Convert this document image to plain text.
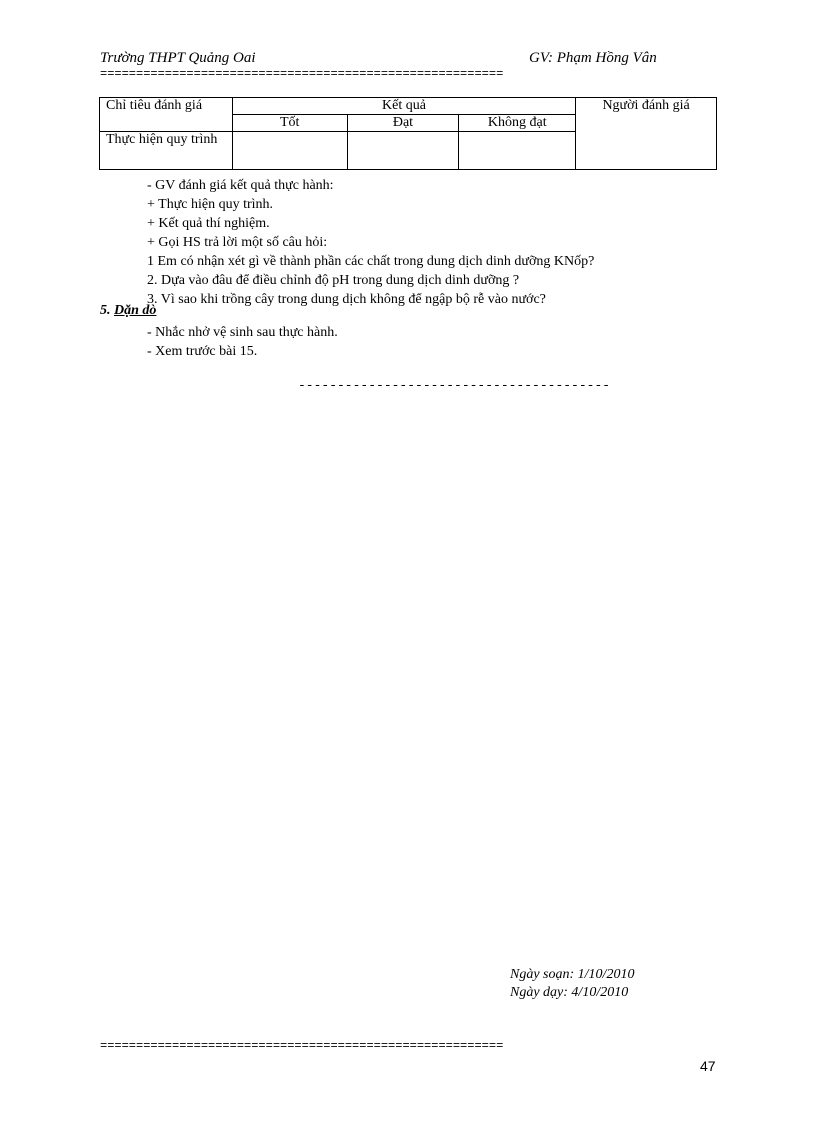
Trường THPT Quảng Oai	GV: Phạm Hồng Vân
========================================================
Chỉ tiêu đánh giá	Kết quả			Người đánh giá
	Tốt	Đạt	Không đạt	
Thực hiện quy trình				
- GV đánh giá kết quả thực hành:
+ Thực hiện quy trình.
+ Kết quả thí nghiệm.
+ Gọi HS trả lời một số câu hỏi:
1 Em có nhận xét gì về thành phần các chất trong dung dịch dinh dưỡng KNốp?
2. Dựa vào đâu để điều chỉnh độ pH trong dung dịch dinh dưỡng ?
3. Vì sao khi trồng cây trong dung dịch không để ngập bộ rễ vào nước?
5. Dặn dò
- Nhắc nhở vệ sinh sau thực hành.
- Xem trước bài 15.
----------------------------------------
Ngày soạn: 1/10/2010
Ngày dạy: 4/10/2010
========================================================
47
